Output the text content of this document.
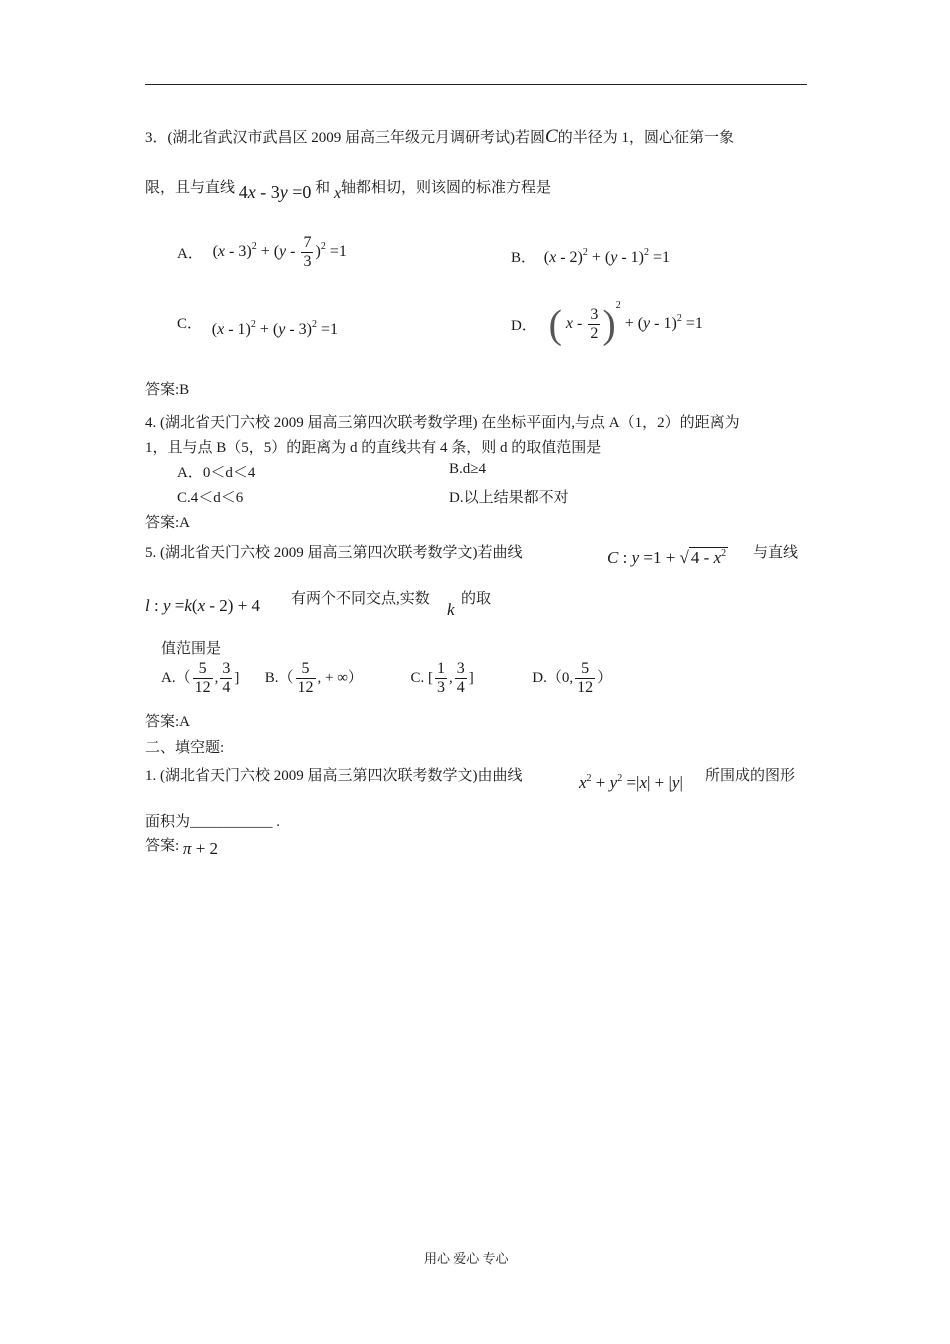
3．(湖北省武汉市武昌区 2009 届高三年级元月调研考试)若圆C的半径为 1，圆心征第一象
限，且与直线 4x - 3y =0 和 x轴都相切，则该圆的标准方程是
A． $(x - 3)^2 + (y - \frac{7}{3} )^2 =1$	B． (x - 2)$^2$ + (y - 1)$^2$ =1
C． (x - 1)$^2$ + (y - 3)$^2$ =1	D． ( $x - \frac{3}{2} )^2 + (y - 1)^2 =1$
答案:B
4. (湖北省天门六校 2009 届高三第四次联考数学理) 在坐标平面内,与点 A（1，2）的距离为
1，且与点 B（5，5）的距离为 d 的直线共有 4 条，则 d 的取值范围是
A．0＜d＜4	B.d≥4
C.4＜d＜6	D.以上结果都不对
答案:A
5. (湖北省天门六校 2009 届高三第四次联考数学文)若曲线	C : y =1 + √ $4 - x^2$ 与直线
l : y =k(x - 2) + 4 有两个不同交点,实数
k
的取
值范围是
$A.( \frac{5}{12}$ , $\frac{3}{4}$ ] $B.( \frac{5}{12}$ , + ∞）	C. [ $\frac{1}{3}$ , $\frac{3}{4}$ ]	D.（0, $\frac{5}{12}$ ）
答案:A
二、填空题:
1. (湖北省天门六校 2009 届高三第四次联考数学文)由曲线	$x^2 + y^2 =|x| + |y|$ 所围成的图形
面积为___________ .
答案: π + 2
用心 爱心 专心
